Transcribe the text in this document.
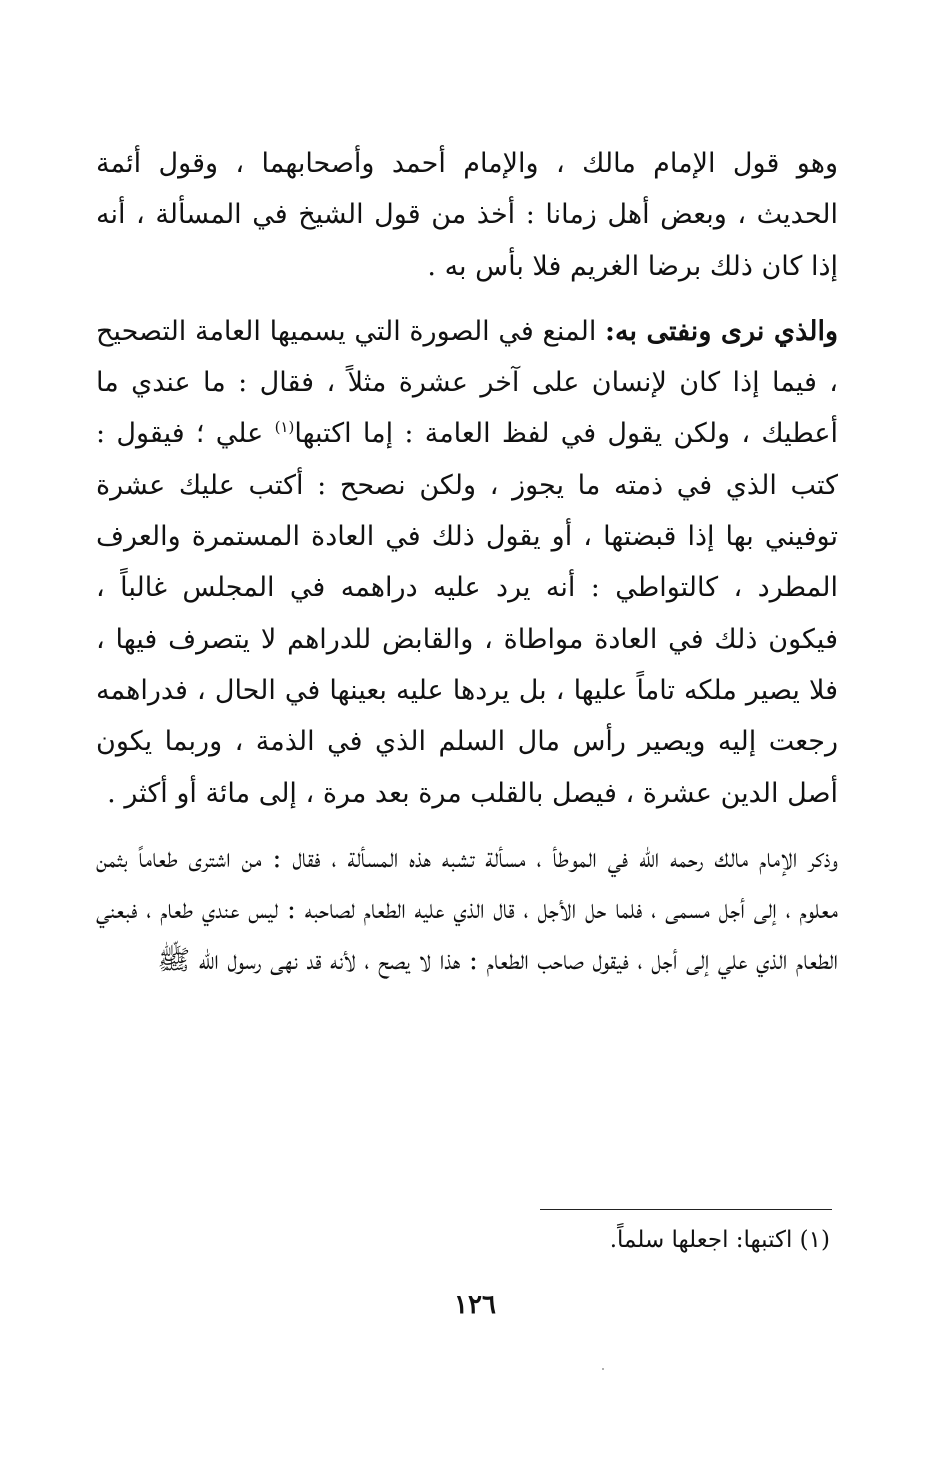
وهو قول الإمام مالك ، والإمام أحمد وأصحابهما ، وقول أئمة الحديث ، وبعض أهل زمانا : أخذ من قول الشيخ في المسألة ، أنه إذا كان ذلك برضا الغريم فلا بأس به .

والذي نرى ونفتى به: المنع في الصورة التي يسميها العامة التصحيح ، فيما إذا كان لإنسان على آخر عشرة مثلاً ، فقال : ما عندي ما أعطيك ، ولكن يقول في لفظ العامة : إما اكتبها$^{(١)}$ علي ؛ فيقول : كتب الذي في ذمته ما يجوز ، ولكن نصحح : أكتب عليك عشرة توفيني بها إذا قبضتها ، أو يقول ذلك في العادة المستمرة والعرف المطرد ، كالتواطي : أنه يرد عليه دراهمه في المجلس غالباً ، فيكون ذلك في العادة مواطاة ، والقابض للدراهم لا يتصرف فيها ، فلا يصير ملكه تاماً عليها ، بل يردها عليه بعينها في الحال ، فدراهمه رجعت إليه ويصير رأس مال السلم الذي في الذمة ، وربما يكون أصل الدين عشرة ، فيصل بالقلب مرة بعد مرة ، إلى مائة أو أكثر .

وذكر الإمام مالك رحمه الله في الموطأ ، مسألة تشبه هذه المسألة ، فقال : من اشترى طعاماً بثمن معلوم ، إلى أجل مسمى ، فلما حل الأجل ، قال الذي عليه الطعام لصاحبه : ليس عندي طعام ، فبعني الطعام الذي علي إلى أجل ، فيقول صاحب الطعام : هذا لا يصح ، لأنه قد نهى رسول الله ﷺ

(١) اكتبها: اجعلها سلماً.
١٢٦
